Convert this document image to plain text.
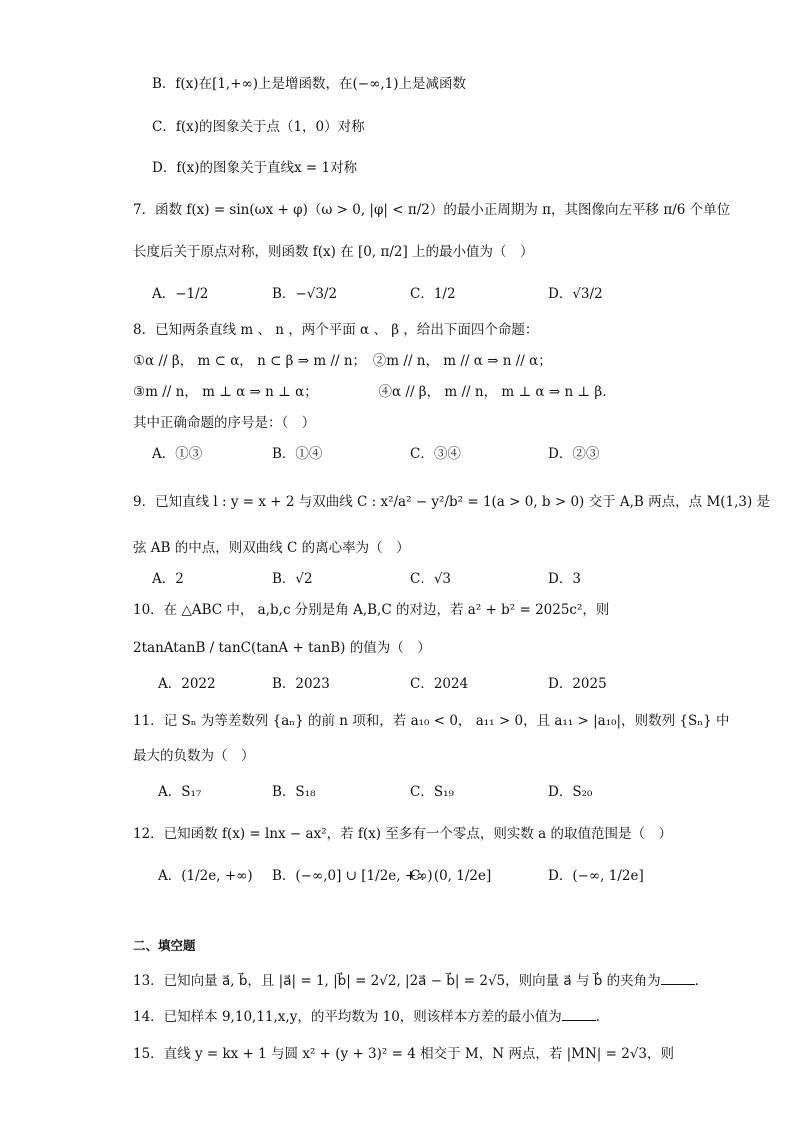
B．f(x)在[1,+∞)上是增函数，在(−∞,1)上是减函数
C．f(x)的图象关于点（1，0）对称
D．f(x)的图象关于直线x = 1对称
7．函数 f(x) = sin(ωx + φ)（ω > 0, |φ| < π/2）的最小正周期为 π，其图像向左平移 π/6 个单位
长度后关于原点对称，则函数 f(x) 在 [0, π/2] 上的最小值为（　）
A．−1/2	B．−√3/2	C．1/2	D．√3/2
8．已知两条直线 m 、 n ，两个平面 α 、 β ，给出下面四个命题：
①α // β， m ⊂ α， n ⊂ β ⇒ m // n；　②m // n， m // α ⇒ n // α；
③m // n， m ⊥ α ⇒ n ⊥ α；　　　　　④α // β， m // n， m ⊥ α ⇒ n ⊥ β.
其中正确命题的序号是：（　）
A．①③	B．①④	C．③④	D．②③
9．已知直线 l : y = x + 2 与双曲线 C : x²/a² − y²/b² = 1(a > 0, b > 0) 交于 A,B 两点，点 M(1,3) 是
弦 AB 的中点，则双曲线 C 的离心率为（　）
A．2	B．√2	C．√3	D．3
10．在 △ABC 中， a,b,c 分别是角 A,B,C 的对边，若 a² + b² = 2025c²，则
2tanAtanB / tanC(tanA + tanB) 的值为（　）
A．2022	B．2023	C．2024	D．2025
11．记 Sₙ 为等差数列 {aₙ} 的前 n 项和，若 a₁₀ < 0， a₁₁ > 0，且 a₁₁ > |a₁₀|，则数列 {Sₙ} 中
最大的负数为（　）
A．S₁₇	B．S₁₈	C．S₁₉	D．S₂₀
12．已知函数 f(x) = lnx − ax²，若 f(x) 至多有一个零点，则实数 a 的取值范围是（　）
A．(1/2e, +∞) B．(−∞,0] ∪ [1/2e, +∞)
C．(0, 1/2e]	D．(−∞, 1/2e]
二、填空题
13．已知向量 a⃗, b⃗，且 |a⃗| = 1, |b⃗| = 2√2, |2a⃗ − b⃗| = 2√5，则向量 a⃗ 与 b⃗ 的夹角为	．
14．已知样本 9,10,11,x,y，的平均数为 10，则该样本方差的最小值为	．
15．直线 y = kx + 1 与圆 x² + (y + 3)² = 4 相交于 M，N 两点，若 |MN| = 2√3，则
